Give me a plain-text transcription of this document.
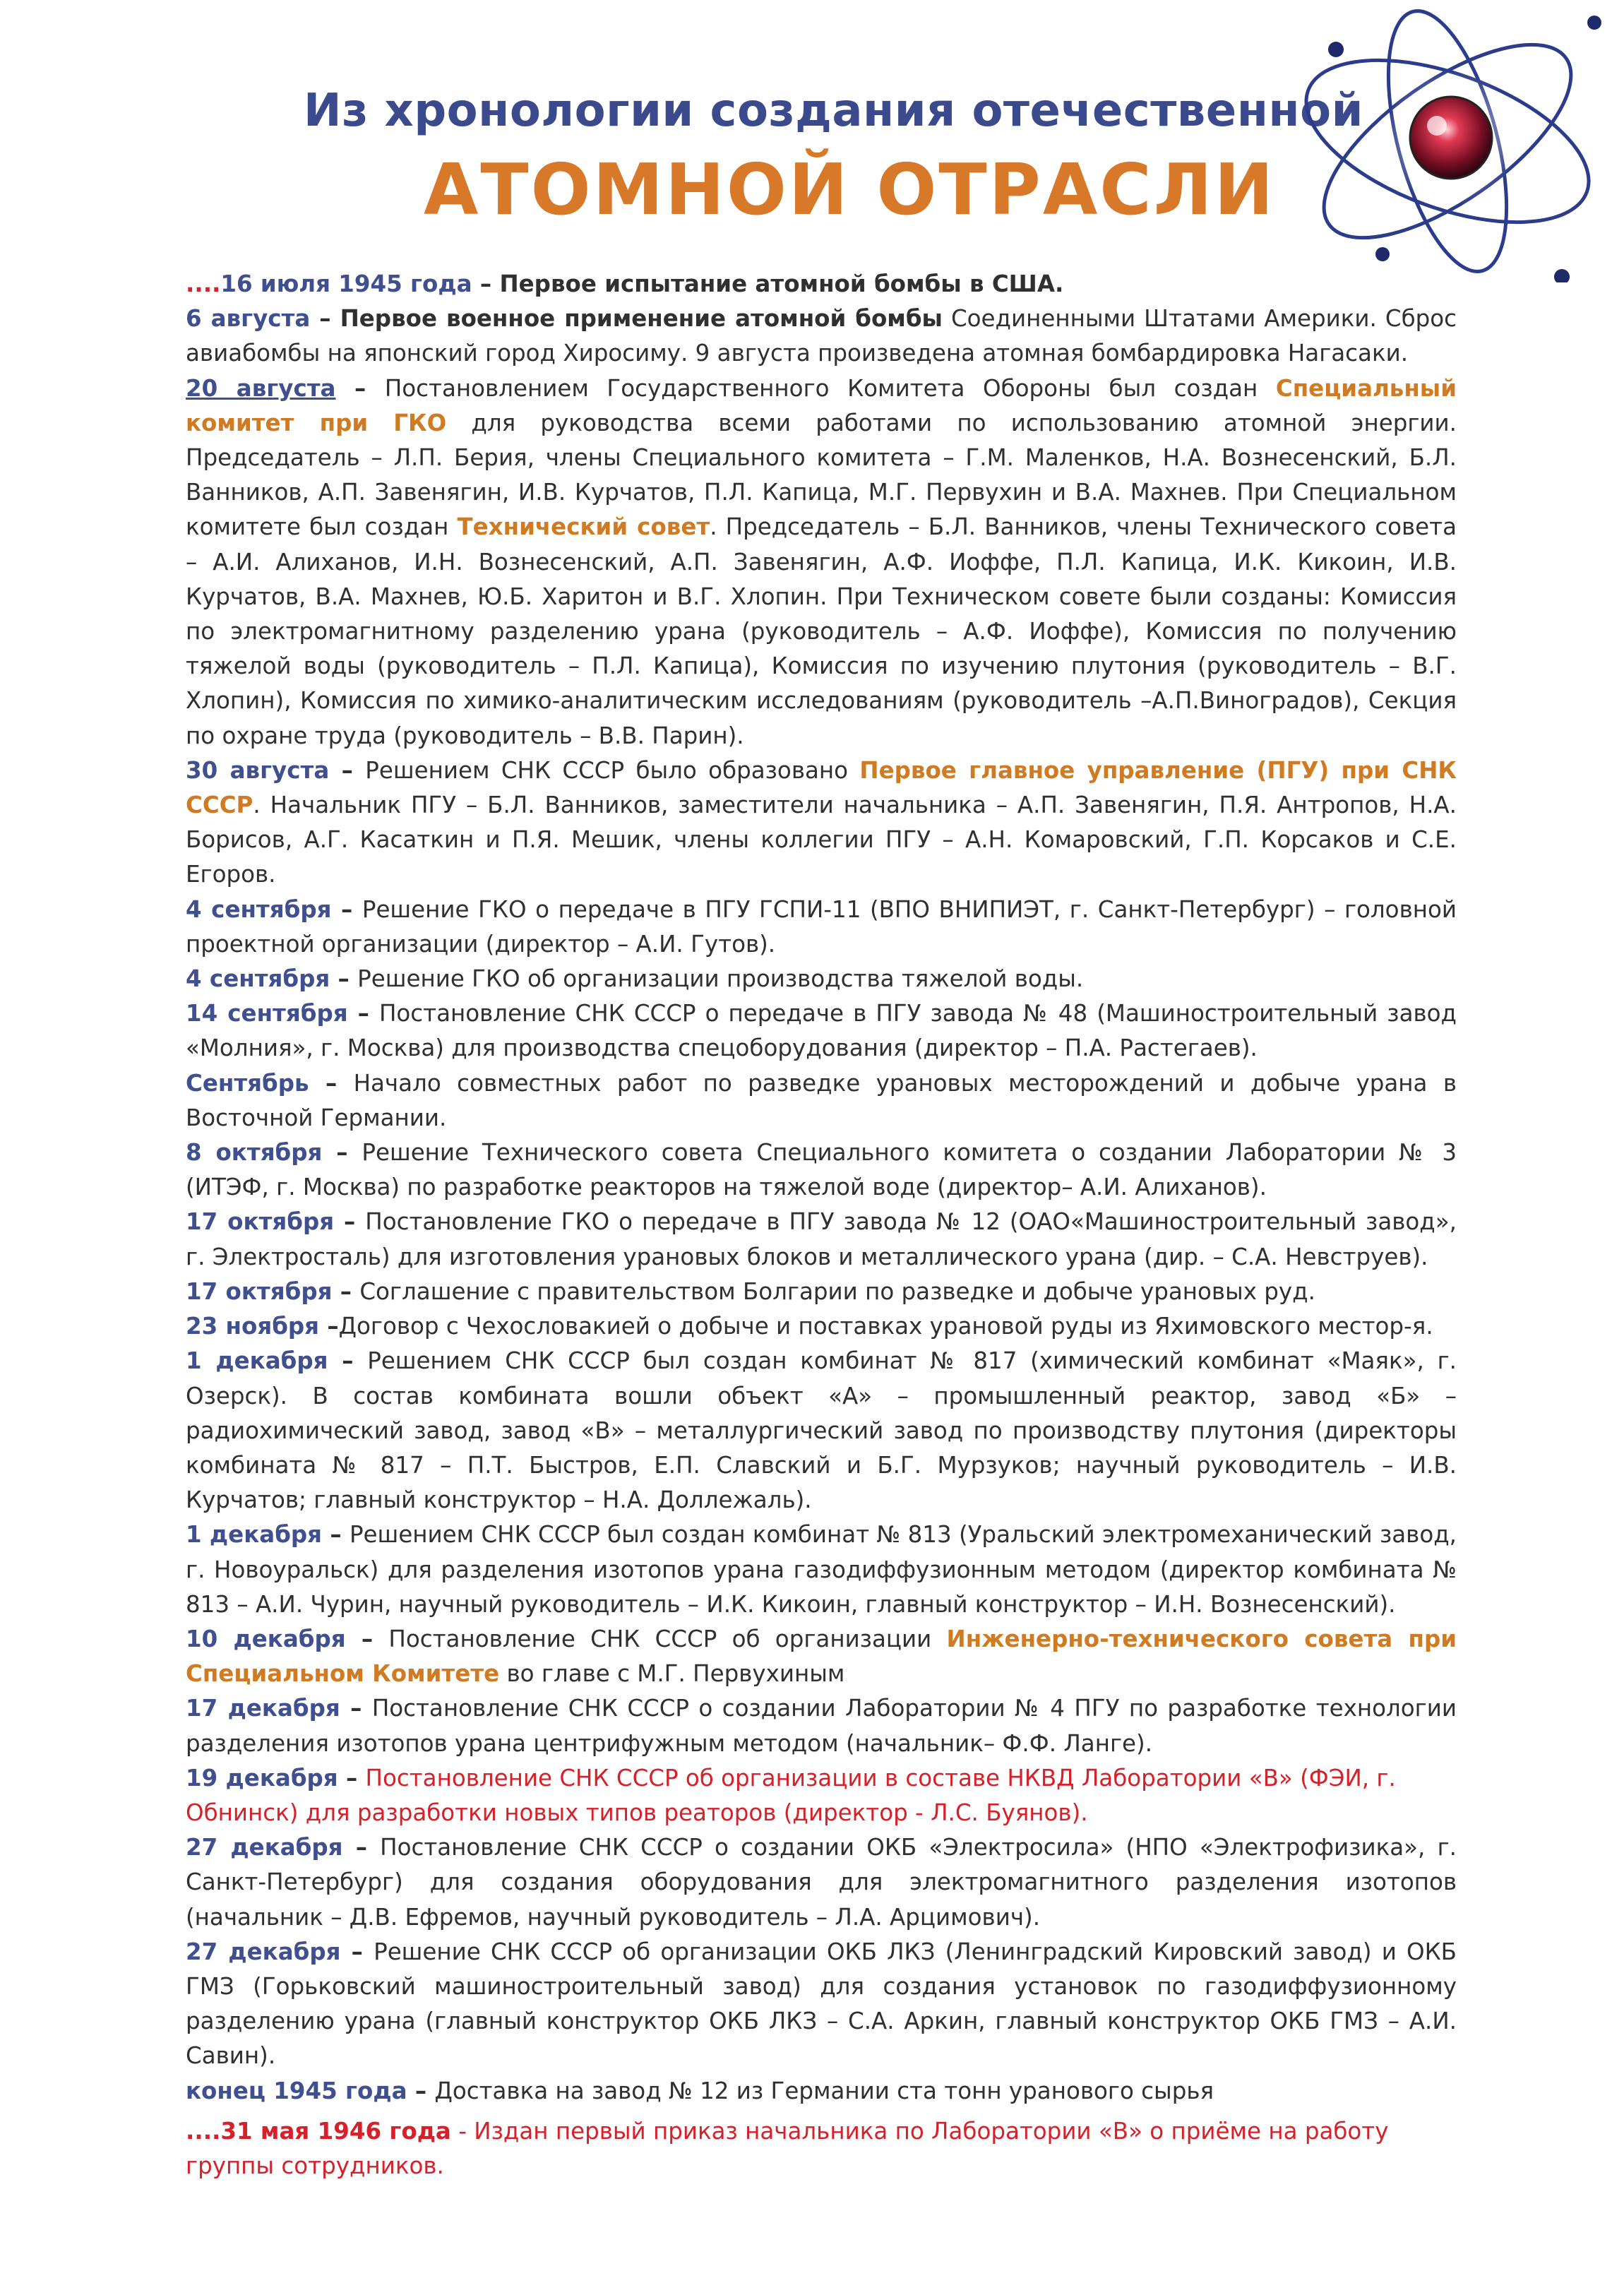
Из хронологии создания отечественной
АТОМНОЙ ОТРАСЛИ

....16 июля 1945 года – Первое испытание атомной бомбы в США.

6 августа – Первое военное применение атомной бомбы Соединенными Штатами Америки. Сброс авиабомбы на японский город Хиросиму. 9 августа произведена атомная бомбардировка Нагасаки.

20 августа – Постановлением Государственного Комитета Обороны был создан Специальный комитет при ГКО для руководства всеми работами по использованию атомной энергии. Председатель – Л.П. Берия, члены Специального комитета – Г.М. Маленков, Н.А. Вознесенский, Б.Л. Ванников, А.П. Завенягин, И.В. Курчатов, П.Л. Капица, М.Г. Первухин и В.А. Махнев. При Специальном комитете был создан Технический совет. Председатель – Б.Л. Ванников, члены Технического совета – А.И. Алиханов, И.Н. Вознесенский, А.П. Завенягин, А.Ф. Иоффе, П.Л. Капица, И.К. Кикоин, И.В. Курчатов, В.А. Махнев, Ю.Б. Харитон и В.Г. Хлопин. При Техническом совете были созданы: Комиссия по электромагнитному разделению урана (руководитель – А.Ф. Иоффе), Комиссия по получению тяжелой воды (руководитель – П.Л. Капица), Комиссия по изучению плутония (руководитель – В.Г. Хлопин), Комиссия по химико-аналитическим исследованиям (руководитель –А.П.Виноградов), Секция по охране труда (руководитель – В.В. Парин).

30 августа – Решением СНК СССР было образовано Первое главное управление (ПГУ) при СНК СССР. Начальник ПГУ – Б.Л. Ванников, заместители начальника – А.П. Завенягин, П.Я. Антропов, Н.А. Борисов, А.Г. Касаткин и П.Я. Мешик, члены коллегии ПГУ – А.Н. Комаровский, Г.П. Корсаков и С.Е. Егоров.

4 сентября – Решение ГКО о передаче в ПГУ ГСПИ-11 (ВПО ВНИПИЭТ, г. Санкт-Петербург) – головной проектной организации (директор – А.И. Гутов).

4 сентября – Решение ГКО об организации производства тяжелой воды.

14 сентября – Постановление СНК СССР о передаче в ПГУ завода № 48 (Машиностроительный завод «Молния», г. Москва) для производства спецоборудования (директор – П.А. Растегаев).

Сентябрь – Начало совместных работ по разведке урановых месторождений и добыче урана в Восточной Германии.

8 октября – Решение Технического совета Специального комитета о создании Лаборатории № 3 (ИТЭФ, г. Москва) по разработке реакторов на тяжелой воде (директор– А.И. Алиханов).

17 октября – Постановление ГКО о передаче в ПГУ завода № 12 (ОАО«Машиностроительный завод», г. Электросталь) для изготовления урановых блоков и металлического урана (дир. – С.А. Невструев).

17 октября – Соглашение с правительством Болгарии по разведке и добыче урановых руд.

23 ноября –Договор с Чехословакией о добыче и поставках урановой руды из Яхимовского местор-я.

1 декабря – Решением СНК СССР был создан комбинат № 817 (химический комбинат «Маяк», г. Озерск). В состав комбината вошли объект «А» – промышленный реактор, завод «Б» – радиохимический завод, завод «В» – металлургический завод по производству плутония (директоры комбината № 817 – П.Т. Быстров, Е.П. Славский и Б.Г. Мурзуков; научный руководитель – И.В. Курчатов; главный конструктор – Н.А. Доллежаль).

1 декабря – Решением СНК СССР был создан комбинат № 813 (Уральский электромеханический завод, г. Новоуральск) для разделения изотопов урана газодиффузионным методом (директор комбината № 813 – А.И. Чурин, научный руководитель – И.К. Кикоин, главный конструктор – И.Н. Вознесенский).

10 декабря – Постановление СНК СССР об организации Инженерно-технического совета при Специальном Комитете во главе с М.Г. Первухиным

17 декабря – Постановление СНК СССР о создании Лаборатории № 4 ПГУ по разработке технологии разделения изотопов урана центрифужным методом (начальник– Ф.Ф. Ланге).

19 декабря – Постановление СНК СССР об организации в составе НКВД Лаборатории «В» (ФЭИ, г. Обнинск) для разработки новых типов реаторов (директор - Л.С. Буянов).

27 декабря – Постановление СНК СССР о создании ОКБ «Электросила» (НПО «Электрофизика», г. Санкт-Петербург) для создания оборудования для электромагнитного разделения изотопов (начальник – Д.В. Ефремов, научный руководитель – Л.А. Арцимович).

27 декабря – Решение СНК СССР об организации ОКБ ЛКЗ (Ленинградский Кировский завод) и ОКБ ГМЗ (Горьковский машиностроительный завод) для создания установок по газодиффузионному разделению урана (главный конструктор ОКБ ЛКЗ – С.А. Аркин, главный конструктор ОКБ ГМЗ – А.И. Савин).

конец 1945 года – Доставка на завод № 12 из Германии ста тонн уранового сырья

....31 мая 1946 года - Издан первый приказ начальника по Лаборатории «В» о приёме на работу группы сотрудников.
